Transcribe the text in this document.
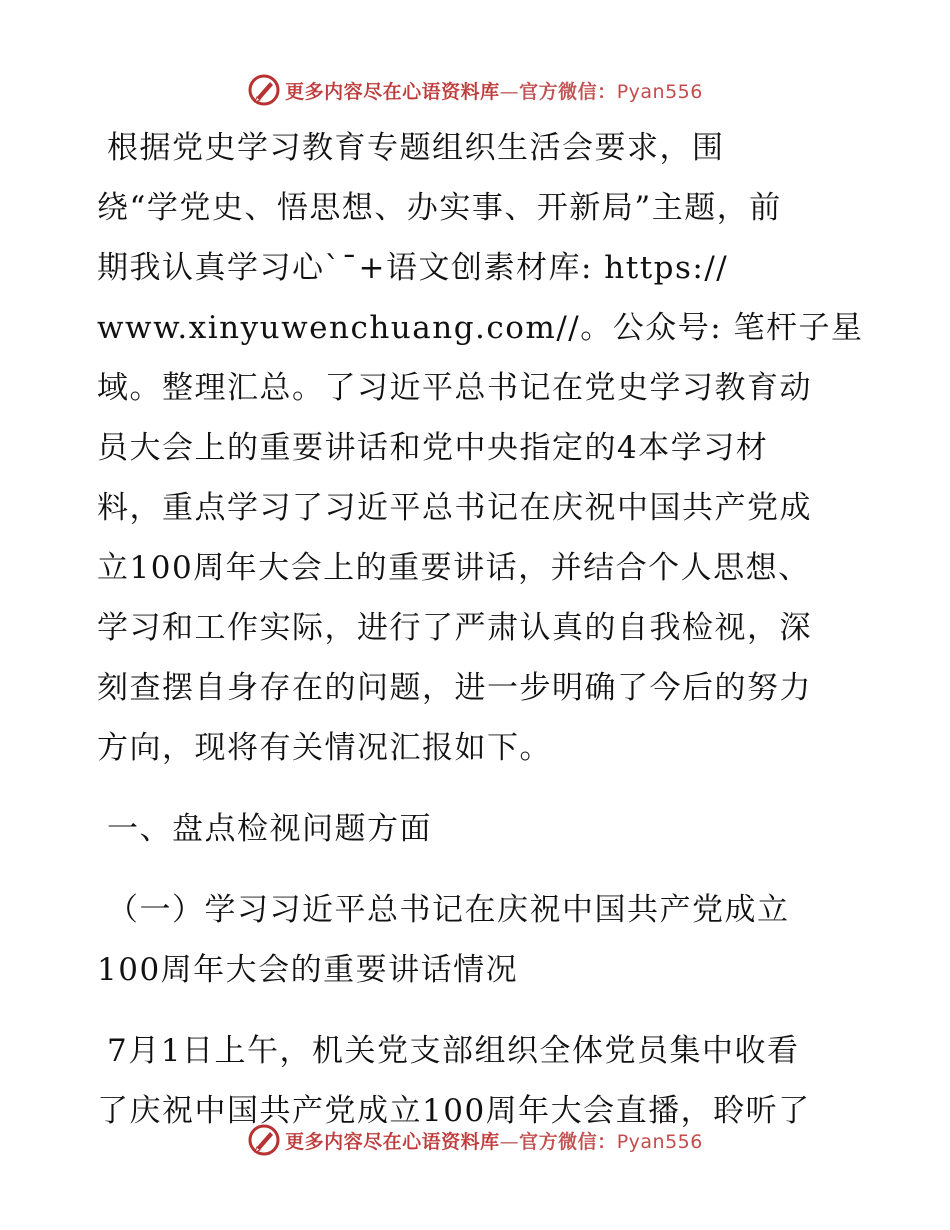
更多内容尽在心语资料库—官方微信：Pyan556
根据党史学习教育专题组织生活会要求，围
绕“学党史、悟思想、办实事、开新局”主题，前
期我认真学习心ˋˉ+语文创素材库: https://
www.xinyuwenchuang.com//。公众号: 笔杆子星
域。整理汇总。了习近平总书记在党史学习教育动
员大会上的重要讲话和党中央指定的4本学习材
料，重点学习了习近平总书记在庆祝中国共产党成
立100周年大会上的重要讲话，并结合个人思想、
学习和工作实际，进行了严肃认真的自我检视，深
刻查摆自身存在的问题，进一步明确了今后的努力
方向，现将有关情况汇报如下。
一、盘点检视问题方面
（一）学习习近平总书记在庆祝中国共产党成立
100周年大会的重要讲话情况
7月1日上午，机关党支部组织全体党员集中收看
了庆祝中国共产党成立100周年大会直播，聆听了
更多内容尽在心语资料库—官方微信：Pyan556
